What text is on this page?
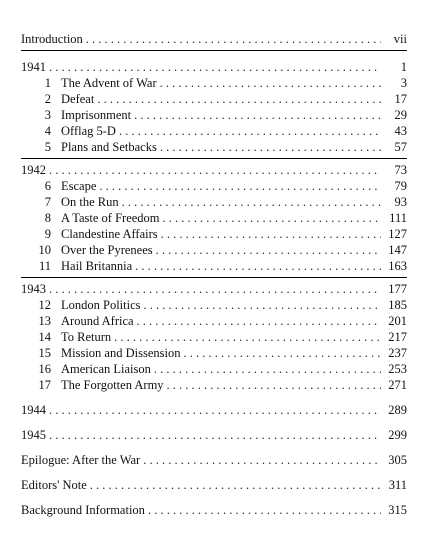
Introduction . . .	vii
1941 . . .	1
1 The Advent of War . . .	3
2 Defeat . . .	17
3 Imprisonment . . .	29
4 Offlag 5-D . . .	43
5 Plans and Setbacks . . .	57
1942 . . .	73
6 Escape . . .	79
7 On the Run . . .	93
8 A Taste of Freedom . . .	111
9 Clandestine Affairs . . .	127
10 Over the Pyrenees . . .	147
11 Hail Britannia . . .	163
1943 . . .	177
12 London Politics . . .	185
13 Around Africa . . .	201
14 To Return . . .	217
15 Mission and Dissension . . .	237
16 American Liaison . . .	253
17 The Forgotten Army . . .	271
1944 . . .	289
1945 . . .	299
Epilogue: After the War . . .	305
Editors' Note . . .	311
Background Information . . .	315
